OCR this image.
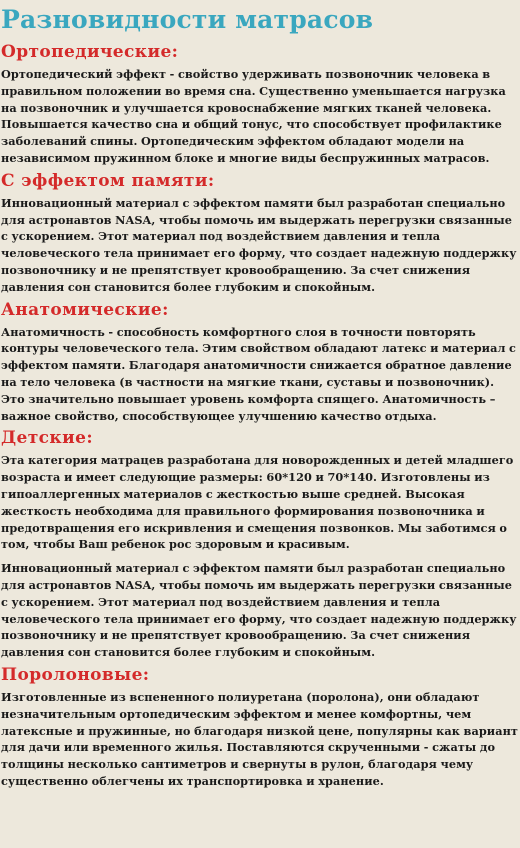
Разновидности матрасов
Ортопедические:

Ортопедический эффект - свойство удерживать позвоночник человека в правильном положении во время сна. Существенно уменьшается нагрузка на позвоночник и улучшается кровоснабжение мягких тканей человека. Повышается качество сна и общий тонус, что способствует профилактике заболеваний спины. Ортопедическим эффектом обладают модели на независимом пружинном блоке и многие виды беспружинных матрасов.

С эффектом памяти:

Инновационный материал с эффектом памяти был разработан специально для астронавтов NASA, чтобы помочь им выдержать перегрузки связанные с ускорением. Этот материал под воздействием давления и тепла человеческого тела принимает его форму, что создает надежную поддержку позвоночнику и не препятствует кровообращению. За счет снижения давления сон становится более глубоким и спокойным.

Анатомические:

Анатомичность - способность комфортного слоя в точности повторять контуры человеческого тела. Этим свойством обладают латекс и материал с эффектом памяти. Благодаря анатомичности снижается обратное давление на тело человека (в частности на мягкие ткани, суставы и позвоночник). Это значительно повышает уровень комфорта спящего. Анатомичность – важное свойство, способствующее улучшению качество отдыха.

Детские:

Эта категория матрацев разработана для новорожденных и детей младшего возраста и имеет следующие размеры: 60*120 и 70*140. Изготовлены из гипоаллергенных материалов с жесткостью выше средней. Высокая жесткость необходима для правильного формирования позвоночника и предотвращения его искривления и смещения позвонков. Мы заботимся о том, чтобы Ваш ребенок рос здоровым и красивым.

Инновационный материал с эффектом памяти был разработан специально для астронавтов NASA, чтобы помочь им выдержать перегрузки связанные с ускорением. Этот материал под воздействием давления и тепла человеческого тела принимает его форму, что создает надежную поддержку позвоночнику и не препятствует кровообращению. За счет снижения давления сон становится более глубоким и спокойным.

Поролоновые:

Изготовленные из вспененного полиуретана (поролона), они обладают незначительным ортопедическим эффектом и менее комфортны, чем латексные и пружинные, но благодаря низкой цене, популярны как вариант для дачи или временного жилья. Поставляются скрученными - сжаты до толщины несколько сантиметров и свернуты в рулон, благодаря чему существенно облегчены их транспортировка и хранение.
